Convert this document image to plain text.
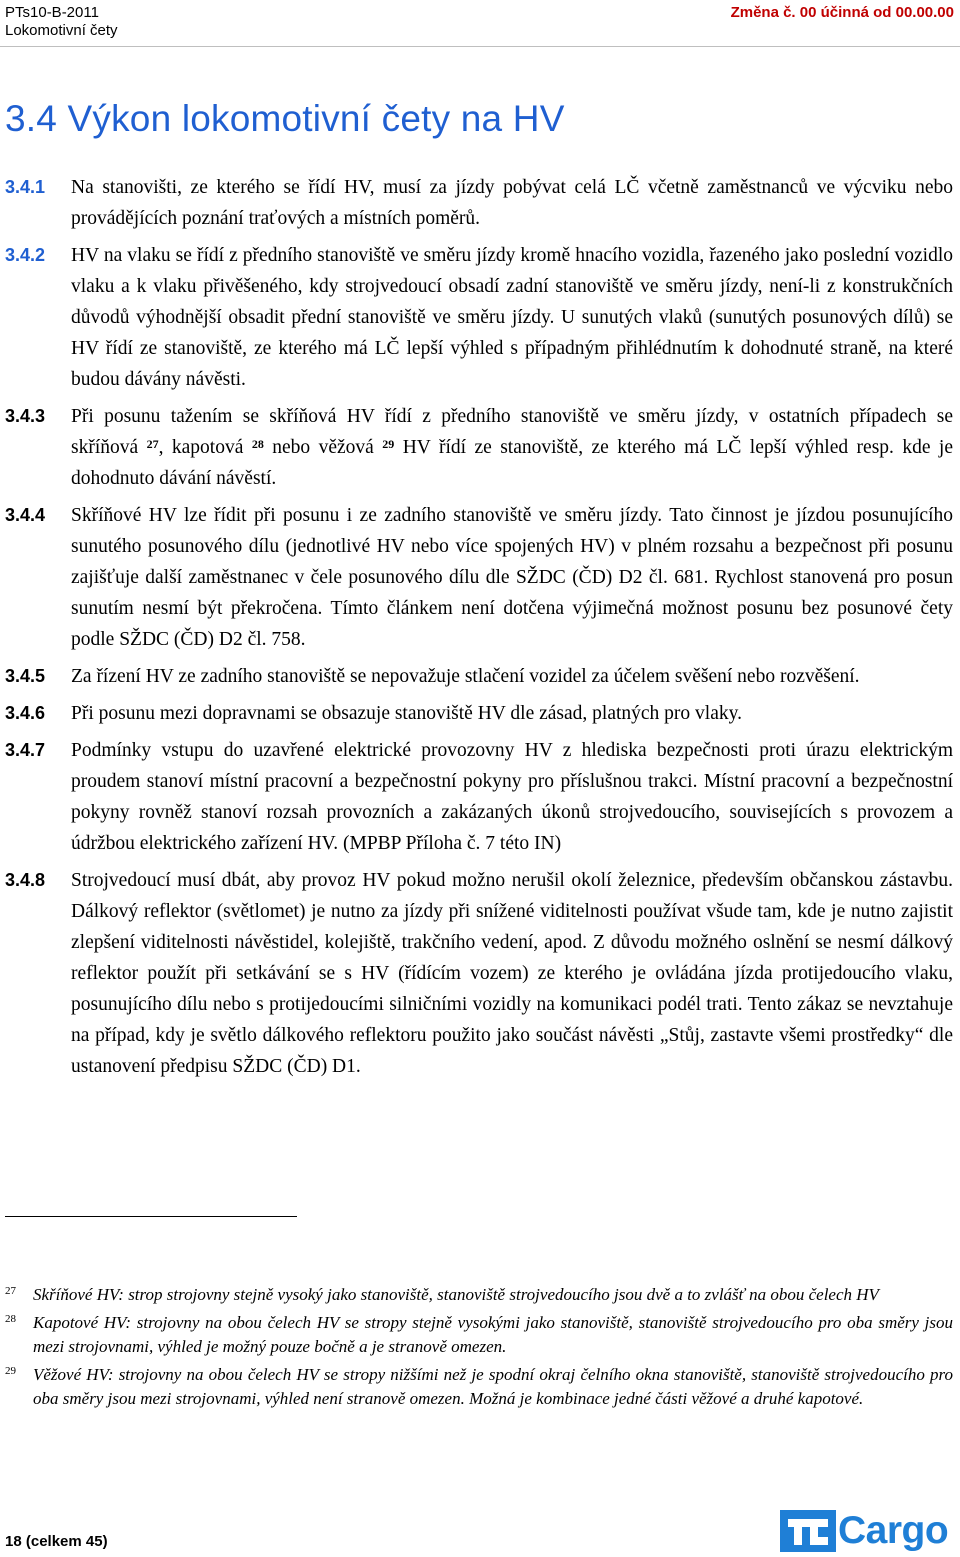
PTs10-B-2011
Lokomotivní čety
Změna č. 00 účinná od 00.00.00
3.4 Výkon lokomotivní čety na HV
3.4.1	Na stanovišti, ze kterého se řídí HV, musí za jízdy pobývat celá LČ včetně zaměstnanců ve výcviku nebo provádějících poznání traťových a místních poměrů.

3.4.2	HV na vlaku se řídí z předního stanoviště ve směru jízdy kromě hnacího vozidla, řazeného jako poslední vozidlo vlaku a k vlaku přivěšeného, kdy strojvedoucí obsadí zadní stanoviště ve směru jízdy, není-li z konstrukčních důvodů výhodnější obsadit přední stanoviště ve směru jízdy. U sunutých vlaků (sunutých posunových dílů) se HV řídí ze stanoviště, ze kterého má LČ lepší výhled s případným přihlédnutím k dohodnuté straně, na které budou dávány návěsti.

3.4.3	Při posunu tažením se skříňová HV řídí z předního stanoviště ve směru jízdy, v ostatních případech se skříňová $^{27}$, kapotová $^{28}$ nebo věžová $^{29}$ HV řídí ze stanoviště, ze kterého má LČ lepší výhled resp. kde je dohodnuto dávání návěstí.

3.4.4	Skříňové HV lze řídit při posunu i ze zadního stanoviště ve směru jízdy. Tato činnost je jízdou posunujícího sunutého posunového dílu (jednotlivé HV nebo více spojených HV) v plném rozsahu a bezpečnost při posunu zajišťuje další zaměstnanec v čele posunového dílu dle SŽDC (ČD) D2 čl. 681. Rychlost stanovená pro posun sunutím nesmí být překročena. Tímto článkem není dotčena výjimečná možnost posunu bez posunové čety podle SŽDC (ČD) D2 čl. 758.

3.4.5	Za řízení HV ze zadního stanoviště se nepovažuje stlačení vozidel za účelem svěšení nebo rozvěšení.

3.4.6	Při posunu mezi dopravnami se obsazuje stanoviště HV dle zásad, platných pro vlaky.

3.4.7	Podmínky vstupu do uzavřené elektrické provozovny HV z hlediska bezpečnosti proti úrazu elektrickým proudem stanoví místní pracovní a bezpečnostní pokyny pro příslušnou trakci. Místní pracovní a bezpečnostní pokyny rovněž stanoví rozsah provozních a zakázaných úkonů strojvedoucího, souvisejících s provozem a údržbou elektrického zařízení HV. (MPBP Příloha č. 7 této IN)

3.4.8	Strojvedoucí musí dbát, aby provoz HV pokud možno nerušil okolí železnice, především občanskou zástavbu. Dálkový reflektor (světlomet) je nutno za jízdy při snížené viditelnosti používat všude tam, kde je nutno zajistit zlepšení viditelnosti návěstidel, kolejiště, trakčního vedení, apod. Z důvodu možného oslnění se nesmí dálkový reflektor použít při setkávání se s HV (řídícím vozem) ze kterého je ovládána jízda protijedoucího vlaku, posunujícího dílu nebo s protijedoucími silničními vozidly na komunikaci podél trati. Tento zákaz se nevztahuje na případ, kdy je světlo dálkového reflektoru použito jako součást návěsti „Stůj, zastavte všemi prostředky“ dle ustanovení předpisu SŽDC (ČD) D1.

27 Skříňové HV: strop strojovny stejně vysoký jako stanoviště, stanoviště strojvedoucího jsou dvě a to zvlášť na obou čelech HV
28 Kapotové HV: strojovny na obou čelech HV se stropy stejně vysokými jako stanoviště, stanoviště strojvedoucího pro oba směry jsou mezi strojovnami, výhled je možný pouze bočně a je stranově omezen.
29 Věžové HV: strojovny na obou čelech HV se stropy nižšími než je spodní okraj čelního okna stanoviště, stanoviště strojvedoucího pro oba směry jsou mezi strojovnami, výhled není stranově omezen. Možná je kombinace jedné části věžové a druhé kapotové.
18 (celkem 45)	Cargo
